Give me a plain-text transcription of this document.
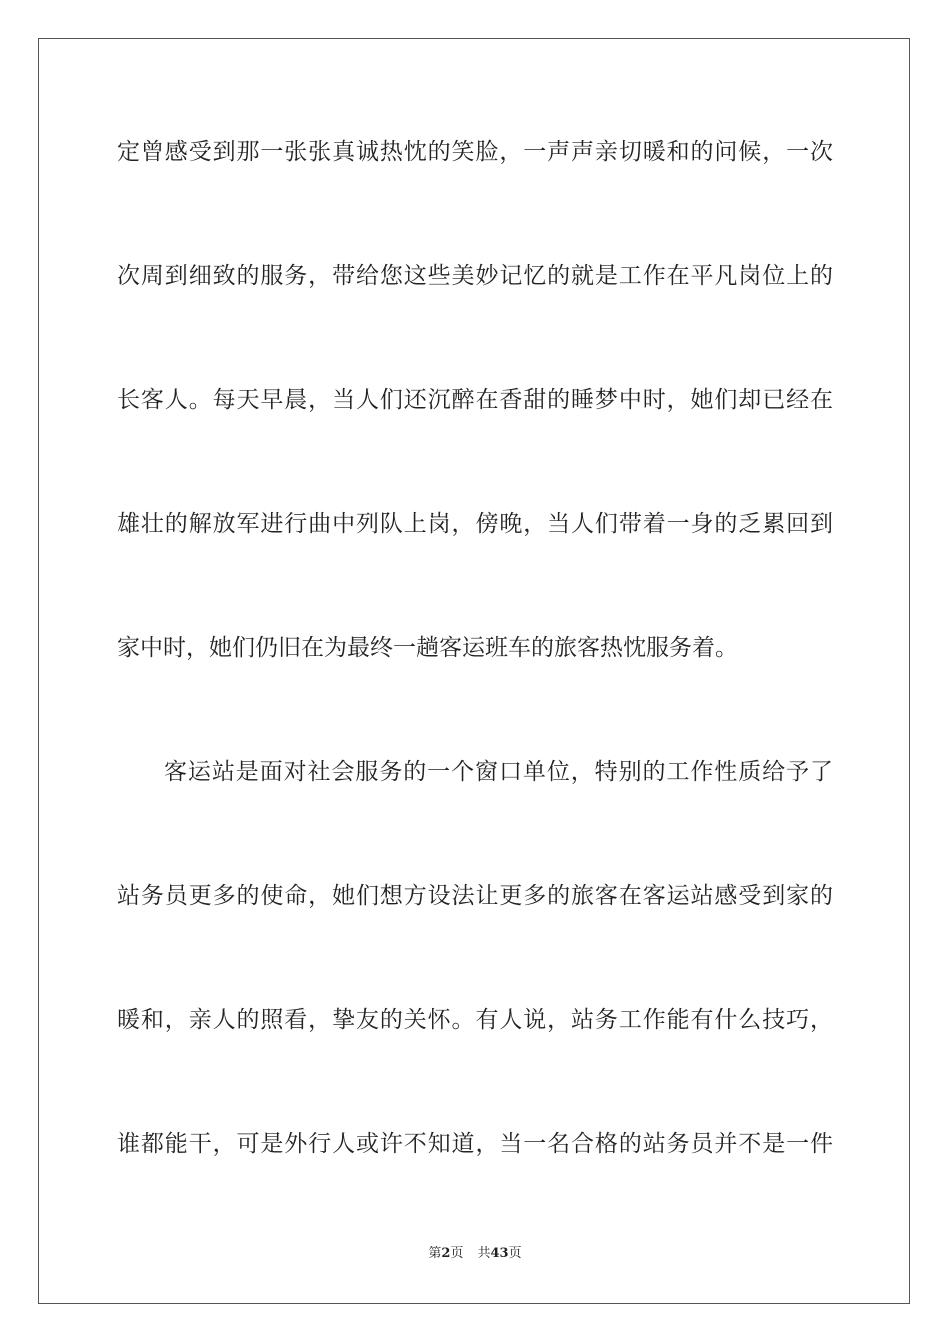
定曾感受到那一张张真诚热忱的笑脸，一声声亲切暖和的问候，一次
次周到细致的服务，带给您这些美妙记忆的就是工作在平凡岗位上的
长客人。每天早晨，当人们还沉醉在香甜的睡梦中时，她们却已经在
雄壮的解放军进行曲中列队上岗，傍晚，当人们带着一身的乏累回到
家中时，她们仍旧在为最终一趟客运班车的旅客热忱服务着。
客运站是面对社会服务的一个窗口单位，特别的工作性质给予了
站务员更多的使命，她们想方设法让更多的旅客在客运站感受到家的
暖和，亲人的照看，挚友的关怀。有人说，站务工作能有什么技巧，
谁都能干，可是外行人或许不知道，当一名合格的站务员并不是一件
第2页 共43页
